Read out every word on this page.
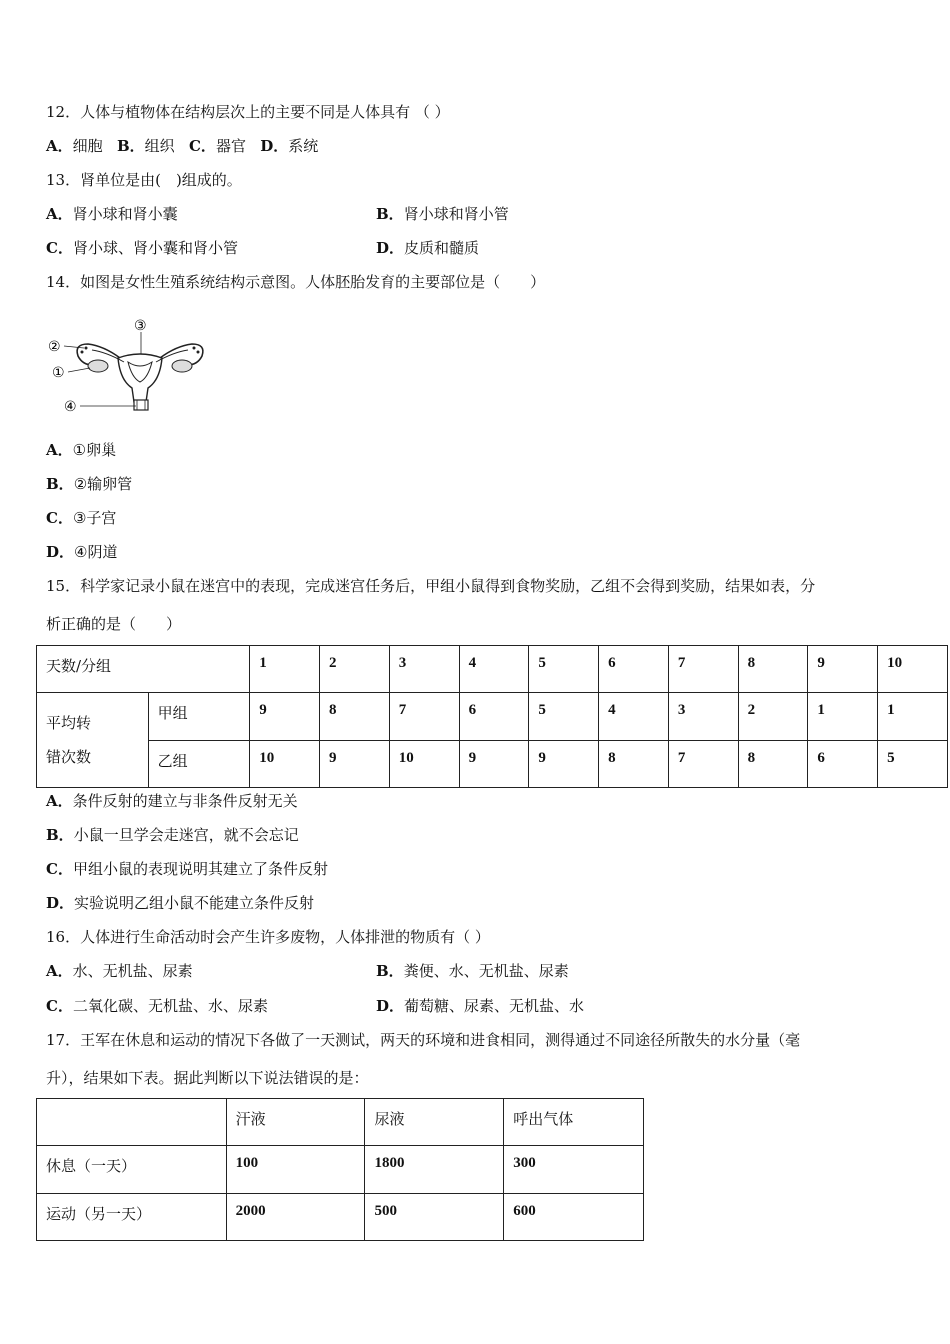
12．人体与植物体在结构层次上的主要不同是人体具有 （ ）
A．细胞 B．组织 C．器官 D．系统
13．肾单位是由(　)组成的。
A．肾小球和肾小囊	B．肾小球和肾小管
C．肾小球、肾小囊和肾小管	D．皮质和髓质
14．如图是女性生殖系统结构示意图。人体胚胎发育的主要部位是（　　）
②
①
③
④
A．①卵巢
B．②输卵管
C．③子宫
D．④阴道
15．科学家记录小鼠在迷宫中的表现，完成迷宫任务后，甲组小鼠得到食物奖励，乙组不会得到奖励，结果如表，分
析正确的是（　　）
天数/分组		1	2	3	4	5	6	7	8	9	10

平均转
错次数	甲组	9	8	7	6	5	4	3	2	1	1
	乙组	10	9	10	9	9	8	7	8	6	5
A．条件反射的建立与非条件反射无关
B．小鼠一旦学会走迷宫，就不会忘记
C．甲组小鼠的表现说明其建立了条件反射
D．实验说明乙组小鼠不能建立条件反射
16．人体进行生命活动时会产生许多废物，人体排泄的物质有（ ）
A．水、无机盐、尿素	B．粪便、水、无机盐、尿素
C．二氧化碳、无机盐、水、尿素	D．葡萄糖、尿素、无机盐、水
17．王军在休息和运动的情况下各做了一天测试，两天的环境和进食相同，测得通过不同途径所散失的水分量（毫
升），结果如下表。据此判断以下说法错误的是：
	汗液	尿液	呼出气体
休息（一天）	100	1800	300
运动（另一天）	2000	500	600
